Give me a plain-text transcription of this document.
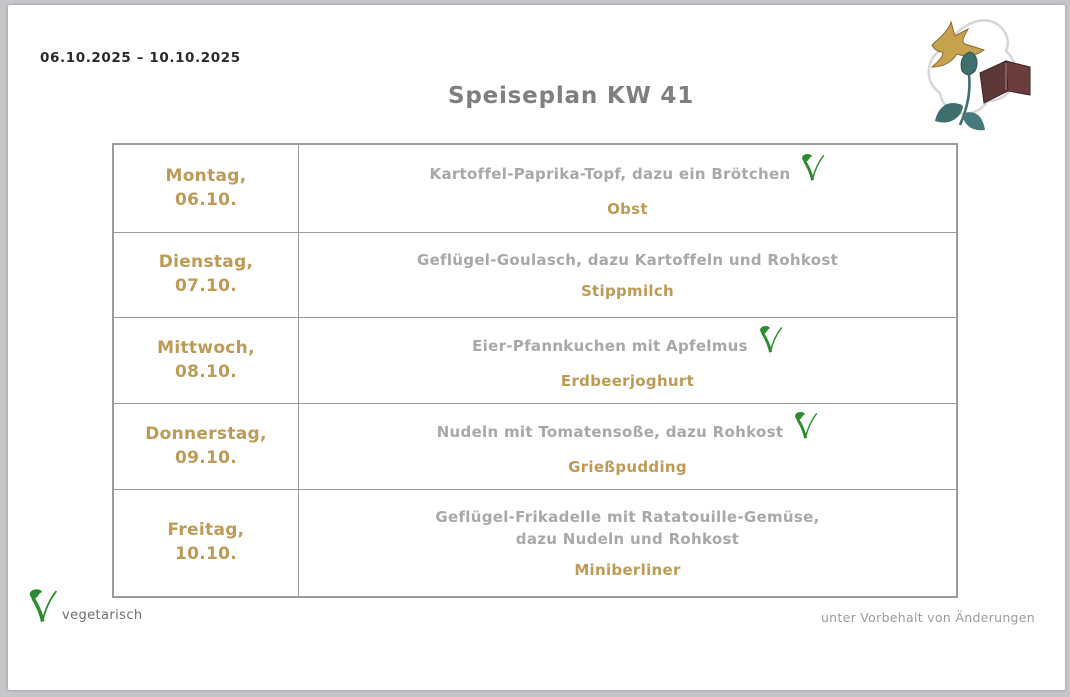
06.10.2025 – 10.10.2025
Speiseplan KW 41
Montag,
06.10.
Kartoffel-Paprika-Topf, dazu ein Brötchen
Obst
Dienstag,
07.10.
Geflügel-Goulasch, dazu Kartoffeln und Rohkost
Stippmilch
Mittwoch,
08.10.
Eier-Pfannkuchen mit Apfelmus
Erdbeerjoghurt
Donnerstag,
09.10.
Nudeln mit Tomatensoße, dazu Rohkost
Grießpudding
Freitag,
10.10.
Geflügel-Frikadelle mit Ratatouille-Gemüse,
dazu Nudeln und Rohkost
Miniberliner
vegetarisch	unter Vorbehalt von Änderungen
